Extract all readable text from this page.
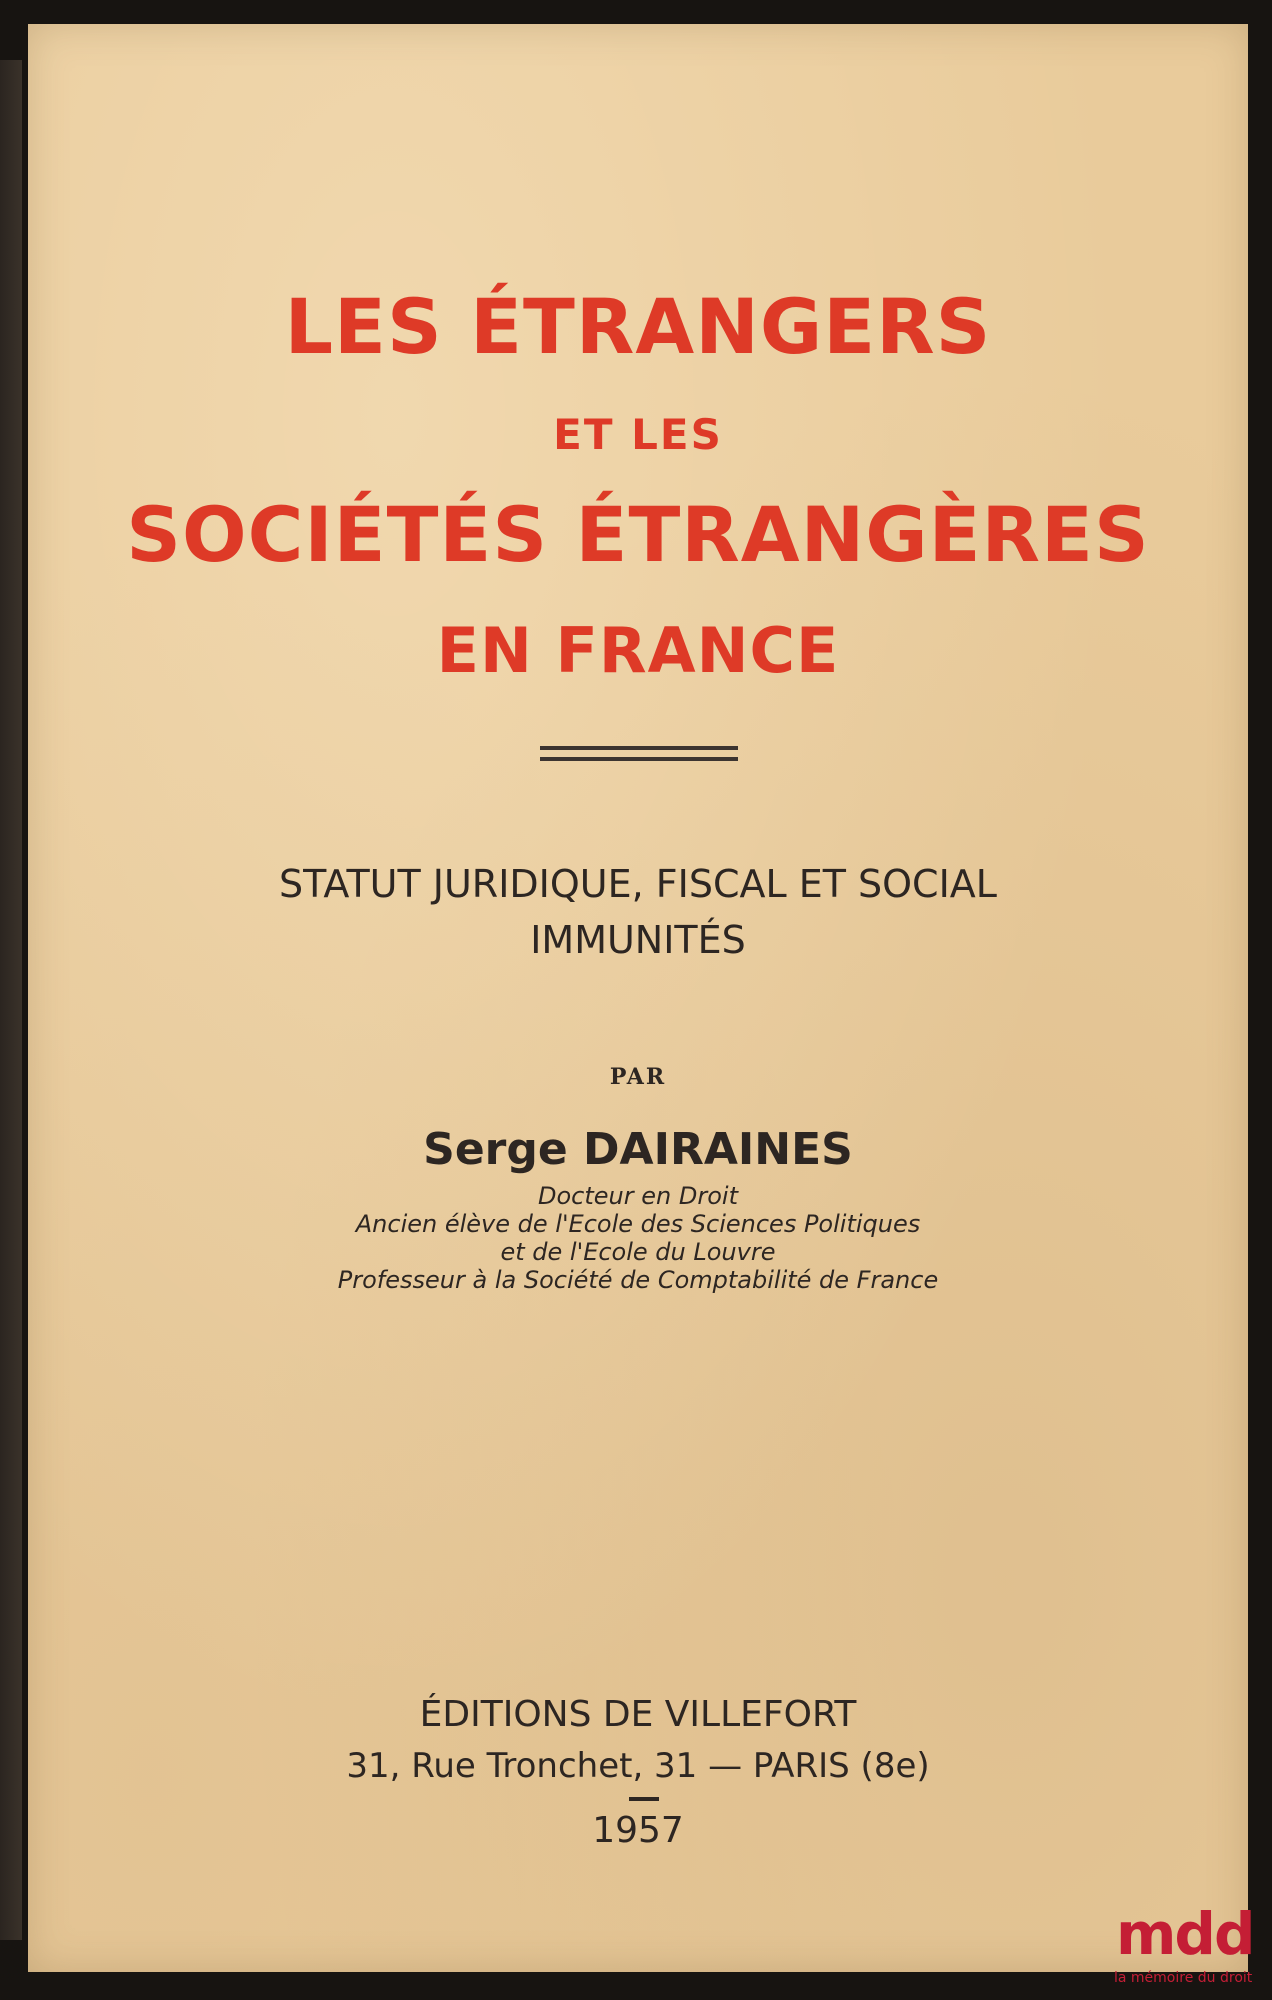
LES ÉTRANGERS
ET LES
SOCIÉTÉS ÉTRANGÈRES
EN FRANCE
STATUT JURIDIQUE, FISCAL ET SOCIAL
IMMUNITÉS
PAR
Serge DAIRAINES
Docteur en Droit
Ancien élève de l'Ecole des Sciences Politiques
et de l'Ecole du Louvre
Professeur à la Société de Comptabilité de France
ÉDITIONS DE VILLEFORT
31, Rue Tronchet, 31 — PARIS (8e)
1957
mdd
la mémoire du droit
